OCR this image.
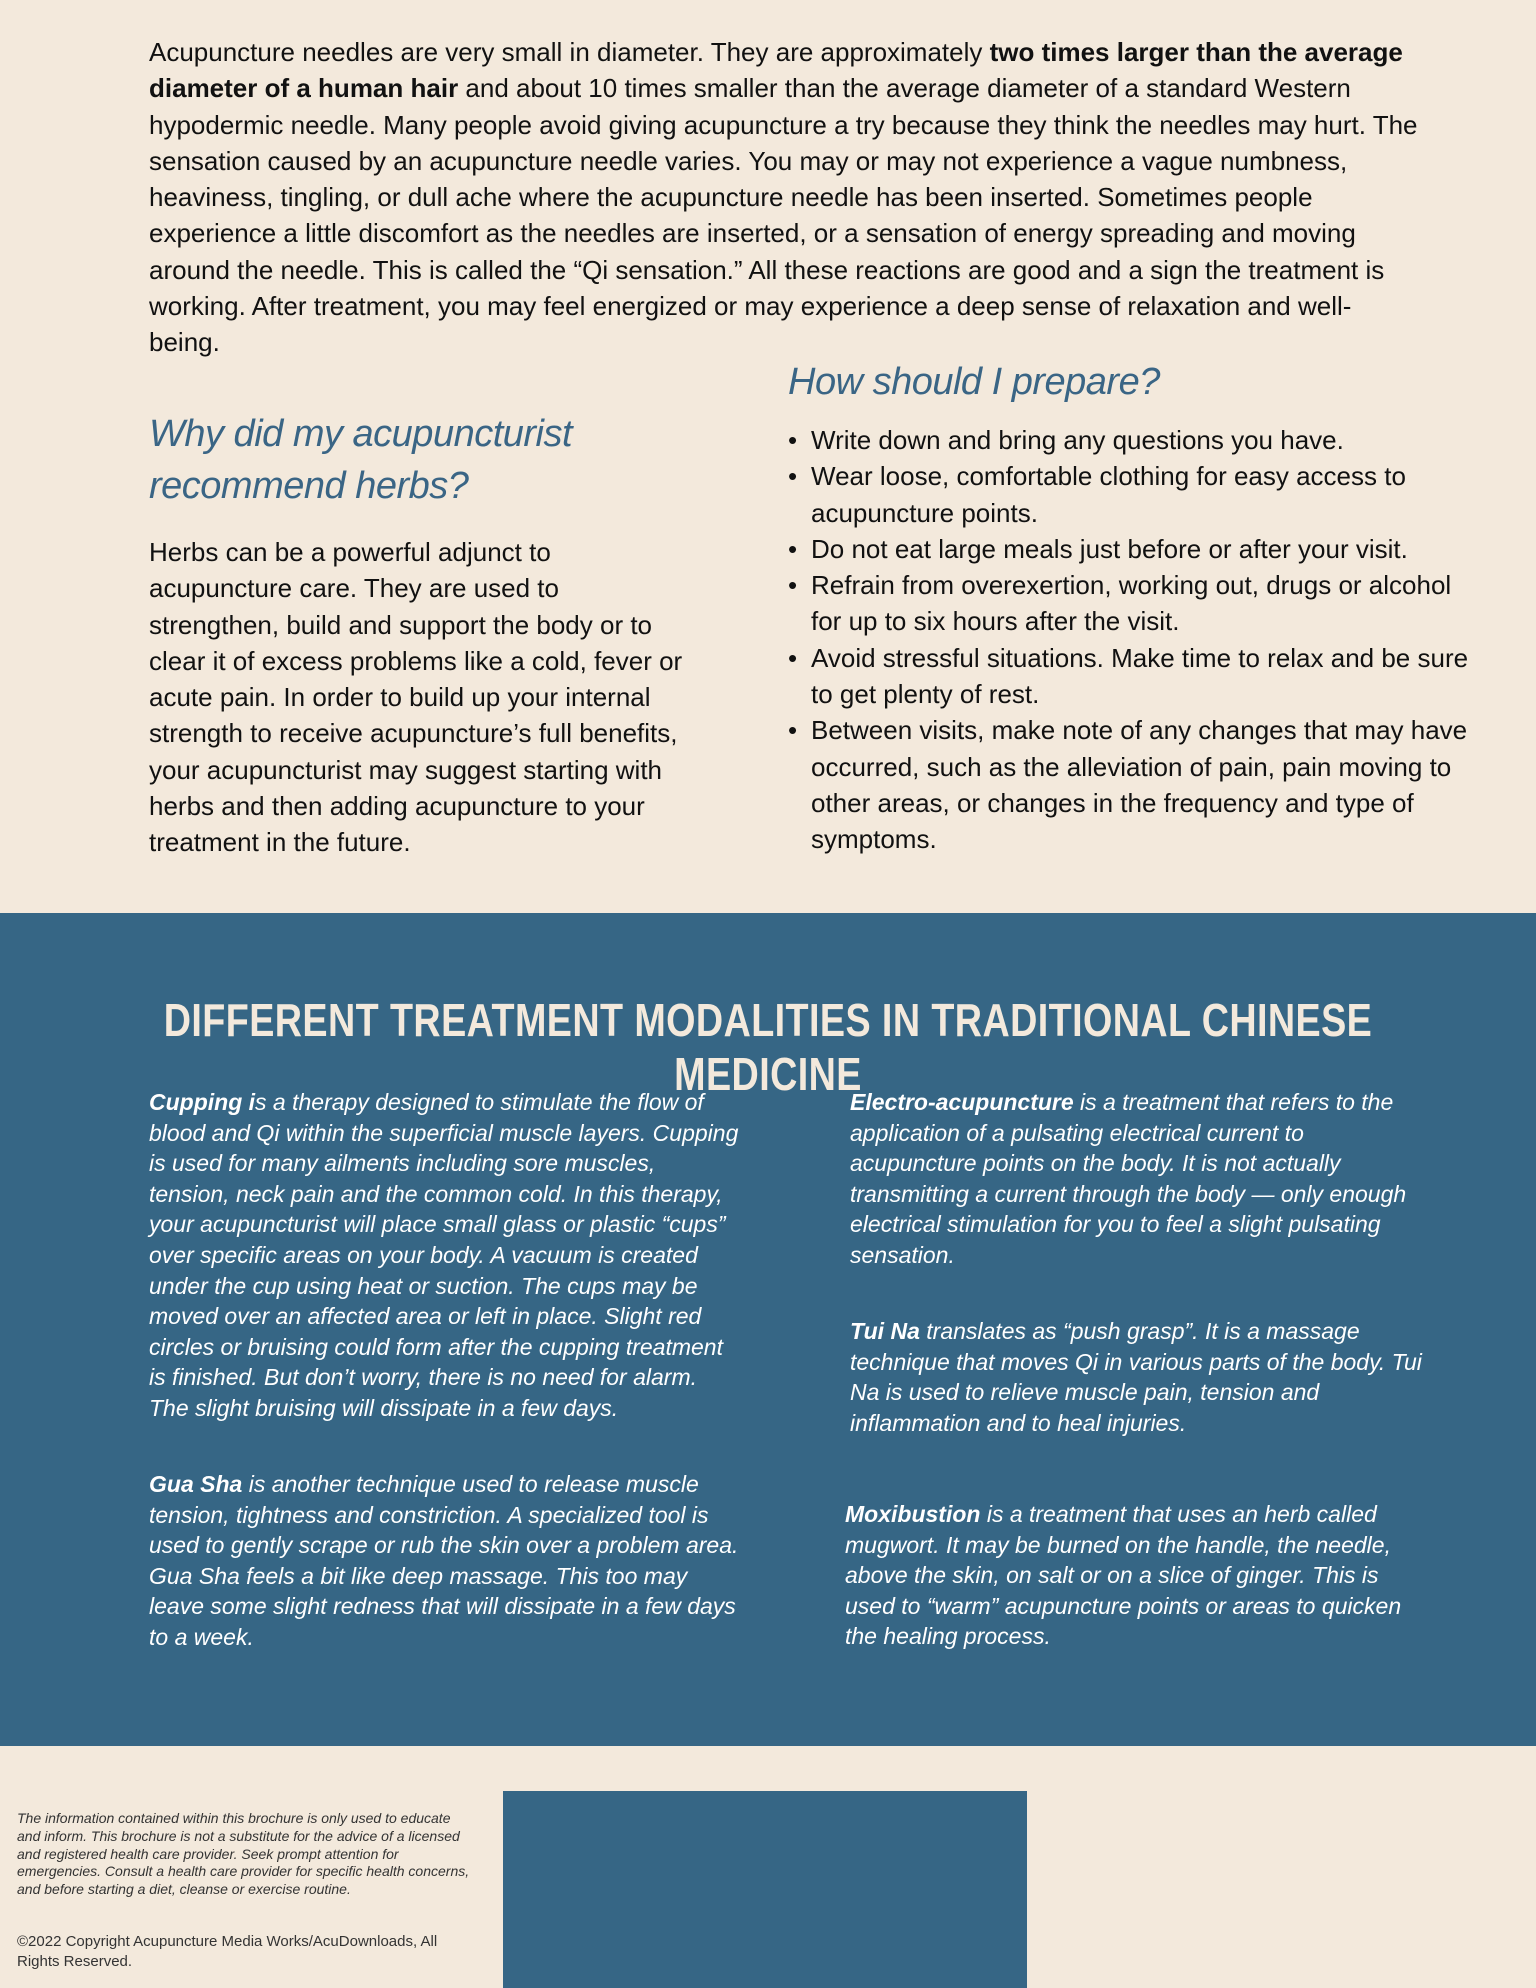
Acupuncture needles are very small in diameter. They are approximately two times larger than the average diameter of a human hair and about 10 times smaller than the average diameter of a standard Western hypodermic needle. Many people avoid giving acupuncture a try because they think the needles may hurt. The sensation caused by an acupuncture needle varies. You may or may not experience a vague numbness, heaviness, tingling, or dull ache where the acupuncture needle has been inserted. Sometimes people experience a little discomfort as the needles are inserted, or a sensation of energy spreading and moving around the needle. This is called the “Qi sensation.” All these reactions are good and a sign the treatment is working. After treatment, you may feel energized or may experience a deep sense of relaxation and well-being.

Why did my acupuncturist recommend herbs?

Herbs can be a powerful adjunct to acupuncture care. They are used to strengthen, build and support the body or to clear it of excess problems like a cold, fever or acute pain. In order to build up your internal strength to receive acupuncture’s full benefits, your acupuncturist may suggest starting with herbs and then adding acupuncture to your treatment in the future.

How should I prepare?
• Write down and bring any questions you have.
• Wear loose, comfortable clothing for easy access to acupuncture points.
• Do not eat large meals just before or after your visit.
• Refrain from overexertion, working out, drugs or alcohol for up to six hours after the visit.
• Avoid stressful situations. Make time to relax and be sure to get plenty of rest.
• Between visits, make note of any changes that may have occurred, such as the alleviation of pain, pain moving to other areas, or changes in the frequency and type of symptoms.
DIFFERENT TREATMENT MODALITIES IN TRADITIONAL CHINESE MEDICINE

Cupping is a therapy designed to stimulate the flow of blood and Qi within the superficial muscle layers. Cupping is used for many ailments including sore muscles, tension, neck pain and the common cold. In this therapy, your acupuncturist will place small glass or plastic “cups” over specific areas on your body. A vacuum is created under the cup using heat or suction. The cups may be moved over an affected area or left in place. Slight red circles or bruising could form after the cupping treatment is finished. But don’t worry, there is no need for alarm. The slight bruising will dissipate in a few days.

Gua Sha is another technique used to release muscle tension, tightness and constriction. A specialized tool is used to gently scrape or rub the skin over a problem area. Gua Sha feels a bit like deep massage. This too may leave some slight redness that will dissipate in a few days to a week.

Electro-acupuncture is a treatment that refers to the application of a pulsating electrical current to acupuncture points on the body. It is not actually transmitting a current through the body — only enough electrical stimulation for you to feel a slight pulsating sensation.

Tui Na translates as “push grasp”. It is a massage technique that moves Qi in various parts of the body. Tui Na is used to relieve muscle pain, tension and inflammation and to heal injuries.

Moxibustion is a treatment that uses an herb called mugwort. It may be burned on the handle, the needle, above the skin, on salt or on a slice of ginger. This is used to “warm” acupuncture points or areas to quicken the healing process.

The information contained within this brochure is only used to educate and inform. This brochure is not a substitute for the advice of a licensed and registered health care provider. Seek prompt attention for emergencies. Consult a health care provider for specific health concerns, and before starting a diet, cleanse or exercise routine.

©2022 Copyright Acupuncture Media Works/AcuDownloads, All Rights Reserved.
